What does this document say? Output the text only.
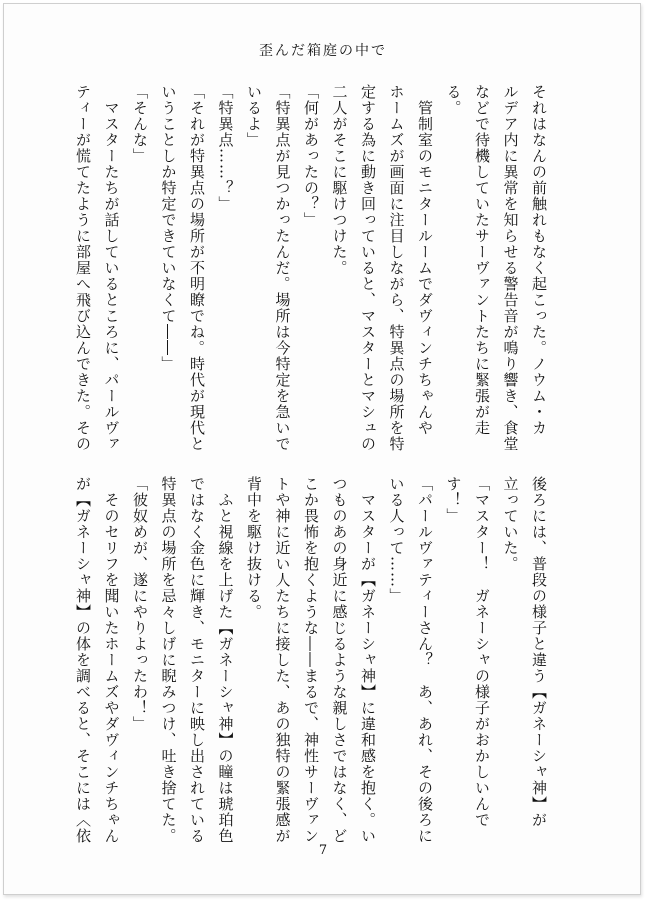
歪んだ箱庭の中で
それはなんの前触れもなく起こった。ノウム・カ
ルデア内に異常を知らせる警告音が鳴り響き、食堂
などで待機していたサーヴァントたちに緊張が走
る。
　管制室のモニタールームでダヴィンチちゃんや
ホームズが画面に注目しながら、特異点の場所を特
定する為に動き回っていると、マスターとマシュの
二人がそこに駆けつけた。
「何があったの？」
「特異点が見つかったんだ。場所は今特定を急いで
いるよ」
「特異点……？」
「それが特異点の場所が不明瞭でね。時代が現代と
いうことしか特定できていなくて――」
「そんな」
　マスターたちが話しているところに、パールヴァ
ティーが慌てたように部屋へ飛び込んできた。その
後ろには、普段の様子と違う【ガネーシャ神】が
立っていた。
「マスター！　ガネーシャの様子がおかしいんで
す！」
「パールヴァティーさん？　あ、あれ、その後ろに
いる人って……」
　マスターが【ガネーシャ神】に違和感を抱く。い
つものあの身近に感じるような親しさではなく、ど
こか畏怖を抱くような――まるで、神性サーヴァン
トや神に近い人たちに接した、あの独特の緊張感が
背中を駆け抜ける。
　ふと視線を上げた【ガネーシャ神】の瞳は琥珀色
ではなく金色に輝き、モニターに映し出されている
特異点の場所を忌々しげに睨みつけ、吐き捨てた。
「彼奴めが、遂にやりよったわ！」
　そのセリフを聞いたホームズやダヴィンチちゃん
が【ガネーシャ神】の体を調べると、そこには〈依
7
